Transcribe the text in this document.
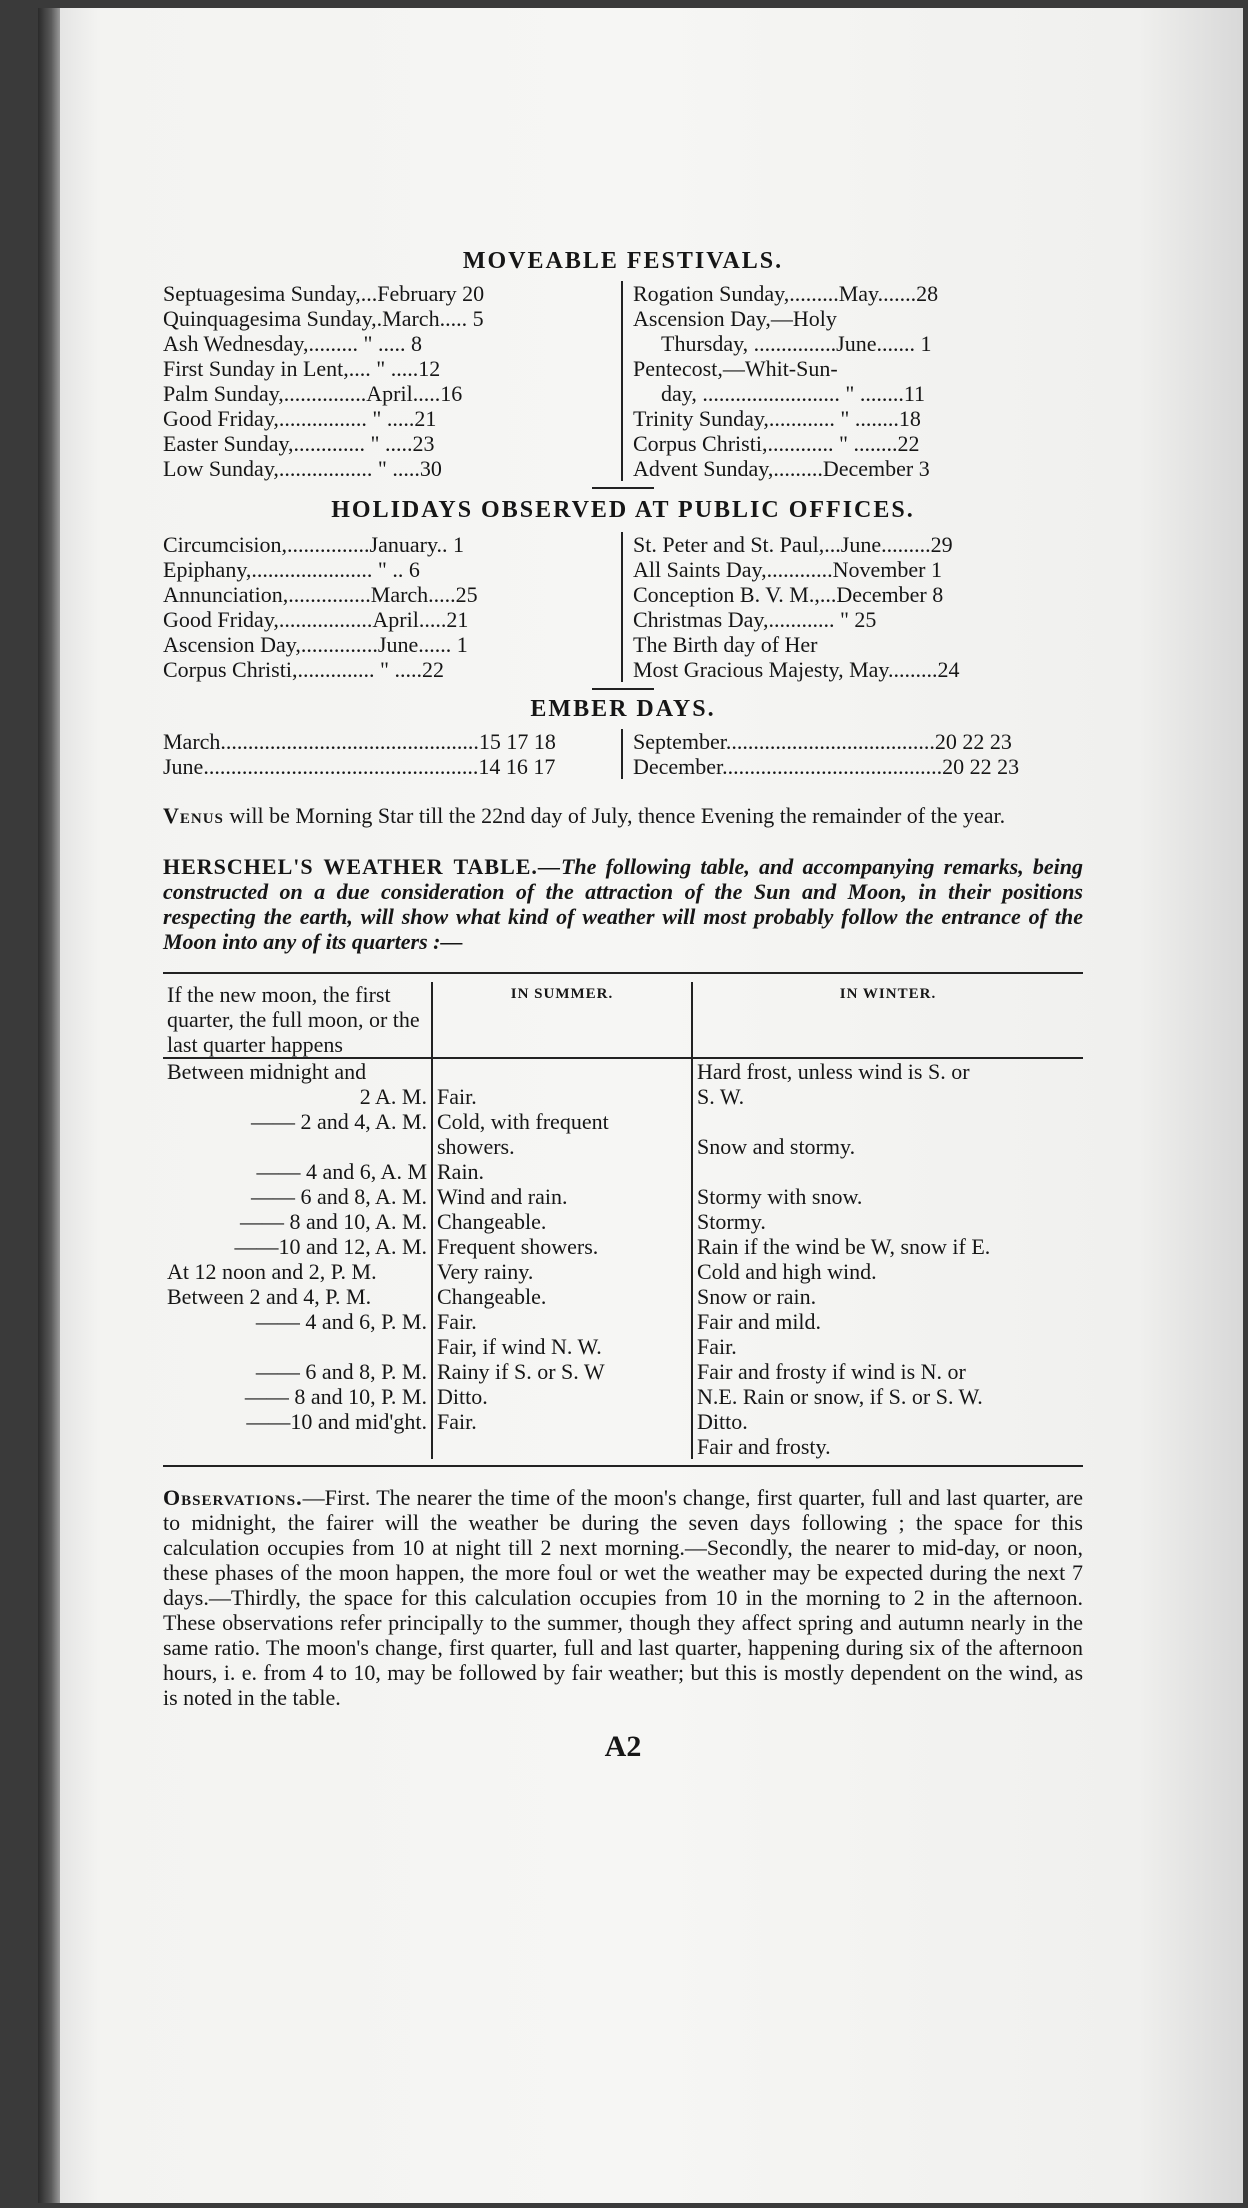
MOVEABLE FESTIVALS.
Septuagesima Sunday,...February 20
Quinquagesima Sunday,.March..... 5
Ash Wednesday,......... " ..... 8
First Sunday in Lent,.... " .....12
Palm Sunday,...............April.....16
Good Friday,................ " .....21
Easter Sunday,............. " .....23
Low Sunday,................. " .....30
Rogation Sunday,.........May.......28
Ascension Day,—Holy
Thursday, ...............June....... 1
Pentecost,—Whit-Sun-
day, ......................... " ........11
Trinity Sunday,............ " ........18
Corpus Christi,............ " ........22
Advent Sunday,.........December 3
HOLIDAYS OBSERVED AT PUBLIC OFFICES.
Circumcision,...............January.. 1
Epiphany,...................... " .. 6
Annunciation,...............March.....25
Good Friday,.................April.....21
Ascension Day,..............June...... 1
Corpus Christi,.............. " .....22
St. Peter and St. Paul,...June.........29
All Saints Day,............November 1
Conception B. V. M.,...December 8
Christmas Day,............ " 25
The Birth day of Her
Most Gracious Majesty, May.........24
EMBER DAYS.
March...............................................15 17 18
June..................................................14 16 17
September......................................20 22 23
December........................................20 22 23

Venus will be Morning Star till the 22nd day of July, thence Evening the remainder of the year.

HERSCHEL'S WEATHER TABLE.—The following table, and accompanying remarks, being constructed on a due consideration of the attraction of the Sun and Moon, in their positions respecting the earth, will show what kind of weather will most probably follow the entrance of the Moon into any of its quarters :—

If the new moon, the first quarter, the full moon, or the last quarter happens	IN SUMMER.	IN WINTER.

Between midnight and		Hard frost, unless wind is S. or
2 A. M.	Fair.	S. W.
—— 2 and 4, A. M.	Cold, with frequent	
	showers.	Snow and stormy.
—— 4 and 6, A. M	Rain.	
—— 6 and 8, A. M.	Wind and rain.	Stormy with snow.
—— 8 and 10, A. M.	Changeable.	Stormy.
——10 and 12, A. M.	Frequent showers.	Rain if the wind be W, snow if E.
At 12 noon and 2, P. M.	Very rainy.	Cold and high wind.
Between 2 and 4, P. M.	Changeable.	Snow or rain.
—— 4 and 6, P. M.	Fair.	Fair and mild.
	Fair, if wind N. W.	Fair.
—— 6 and 8, P. M.	Rainy if S. or S. W	Fair and frosty if wind is N. or
—— 8 and 10, P. M.	Ditto.	N.E. Rain or snow, if S. or S. W.
——10 and mid'ght.	Fair.	Ditto.
		Fair and frosty.

Observations.—First. The nearer the time of the moon's change, first quarter, full and last quarter, are to midnight, the fairer will the weather be during the seven days following ; the space for this calculation occupies from 10 at night till 2 next morning.—Secondly, the nearer to mid-day, or noon, these phases of the moon happen, the more foul or wet the weather may be expected during the next 7 days.—Thirdly, the space for this calculation occupies from 10 in the morning to 2 in the afternoon. These observations refer principally to the summer, though they affect spring and autumn nearly in the same ratio. The moon's change, first quarter, full and last quarter, happening during six of the afternoon hours, i. e. from 4 to 10, may be followed by fair weather; but this is mostly dependent on the wind, as is noted in the table.

A2
